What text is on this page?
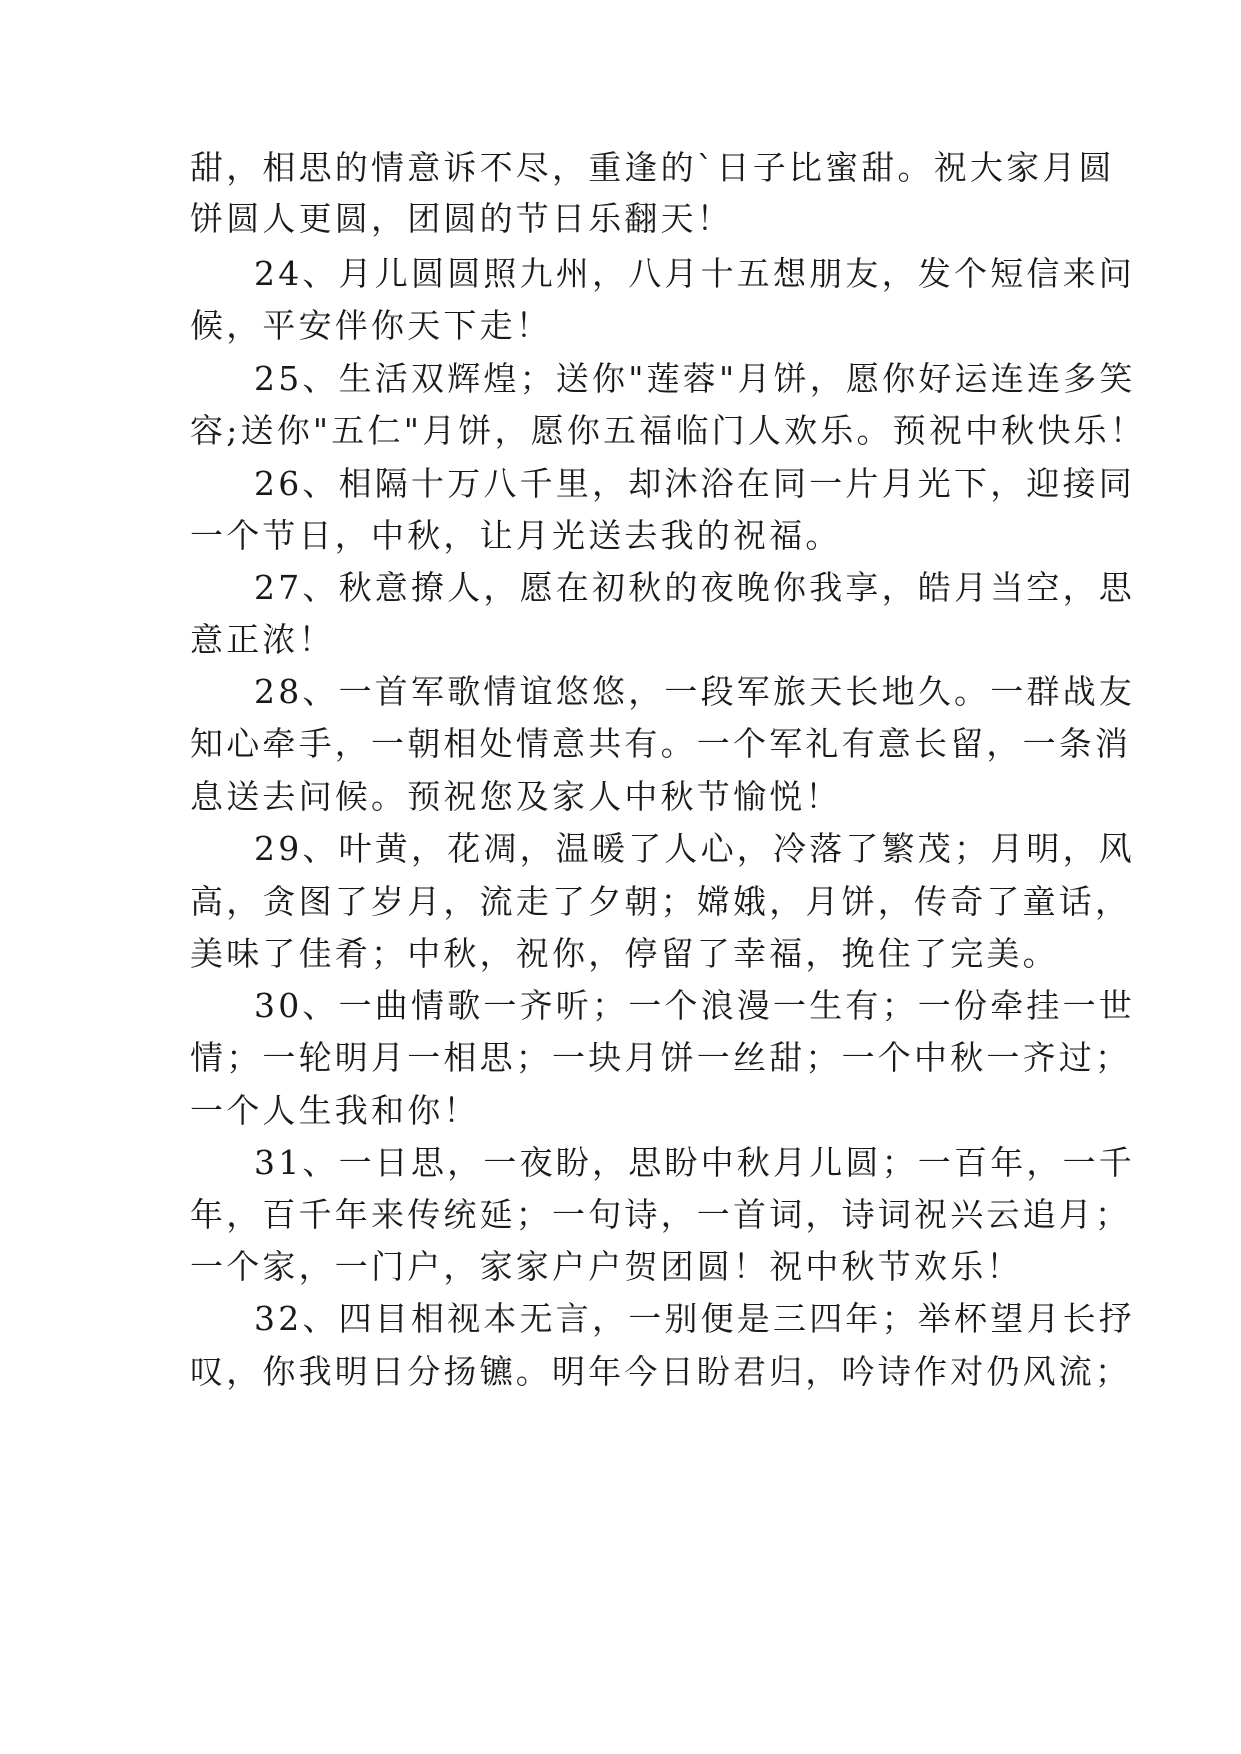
甜，相思的情意诉不尽，重逢的`日子比蜜甜。祝大家月圆
饼圆人更圆，团圆的节日乐翻天！
24、月儿圆圆照九州，八月十五想朋友，发个短信来问
候，平安伴你天下走！
25、生活双辉煌；送你"莲蓉"月饼，愿你好运连连多笑
容;送你"五仁"月饼，愿你五福临门人欢乐。预祝中秋快乐！
26、相隔十万八千里，却沐浴在同一片月光下，迎接同
一个节日，中秋，让月光送去我的祝福。
27、秋意撩人，愿在初秋的夜晚你我享，皓月当空，思
意正浓！
28、一首军歌情谊悠悠，一段军旅天长地久。一群战友
知心牵手，一朝相处情意共有。一个军礼有意长留，一条消
息送去问候。预祝您及家人中秋节愉悦！
29、叶黄，花凋，温暖了人心，冷落了繁茂；月明，风
高，贪图了岁月，流走了夕朝；嫦娥，月饼，传奇了童话，
美味了佳肴；中秋，祝你，停留了幸福，挽住了完美。
30、一曲情歌一齐听；一个浪漫一生有；一份牵挂一世
情；一轮明月一相思；一块月饼一丝甜；一个中秋一齐过；
一个人生我和你！
31、一日思，一夜盼，思盼中秋月儿圆；一百年，一千
年，百千年来传统延；一句诗，一首词，诗词祝兴云追月；
一个家，一门户，家家户户贺团圆！祝中秋节欢乐！
32、四目相视本无言，一别便是三四年；举杯望月长抒
叹，你我明日分扬镳。明年今日盼君归，吟诗作对仍风流；
